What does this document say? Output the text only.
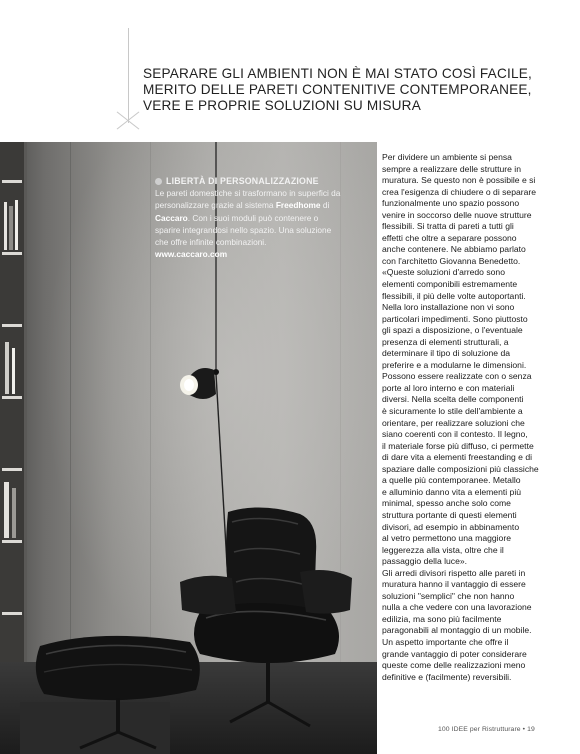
SEPARARE GLI AMBIENTI NON È MAI STATO COSÌ FACILE,
MERITO DELLE PARETI CONTENITIVE CONTEMPORANEE,
VERE E PROPRIE SOLUZIONI SU MISURA
LIBERTÀ DI PERSONALIZZAZIONE
Le pareti domestiche si trasformano in superfici da personalizzare grazie al sistema Freedhome di Caccaro. Con i suoi moduli può contenere o sparire integrandosi nello spazio. Una soluzione che offre infinite combinazioni.
www.caccaro.com
Per dividere un ambiente si pensa
sempre a realizzare delle strutture in
muratura. Se questo non è possibile e si
crea l'esigenza di chiudere o di separare
funzionalmente uno spazio possono
venire in soccorso delle nuove strutture
flessibili. Si tratta di pareti a tutti gli
effetti che oltre a separare possono
anche contenere. Ne abbiamo parlato
con l'architetto Giovanna Benedetto.
«Queste soluzioni d'arredo sono
elementi componibili estremamente
flessibili, il più delle volte autoportanti.
Nella loro installazione non vi sono
particolari impedimenti. Sono piuttosto
gli spazi a disposizione, o l'eventuale
presenza di elementi strutturali, a
determinare il tipo di soluzione da
preferire e a modularne le dimensioni.
Possono essere realizzate con o senza
porte al loro interno e con materiali
diversi. Nella scelta delle componenti
è sicuramente lo stile dell'ambiente a
orientare, per realizzare soluzioni che
siano coerenti con il contesto. Il legno,
il materiale forse più diffuso, ci permette
di dare vita a elementi freestanding e di
spaziare dalle composizioni più classiche
a quelle più contemporanee. Metallo
e alluminio danno vita a elementi più
minimal, spesso anche solo come
struttura portante di questi elementi
divisori, ad esempio in abbinamento
al vetro permettono una maggiore
leggerezza alla vista, oltre che il
passaggio della luce».
Gli arredi divisori rispetto alle pareti in
muratura hanno il vantaggio di essere
soluzioni "semplici" che non hanno
nulla a che vedere con una lavorazione
edilizia, ma sono più facilmente
paragonabili al montaggio di un mobile.
Un aspetto importante che offre il
grande vantaggio di poter considerare
queste come delle realizzazioni meno
definitive e (facilmente) reversibili.
100 IDEE per Ristrutturare • 19
